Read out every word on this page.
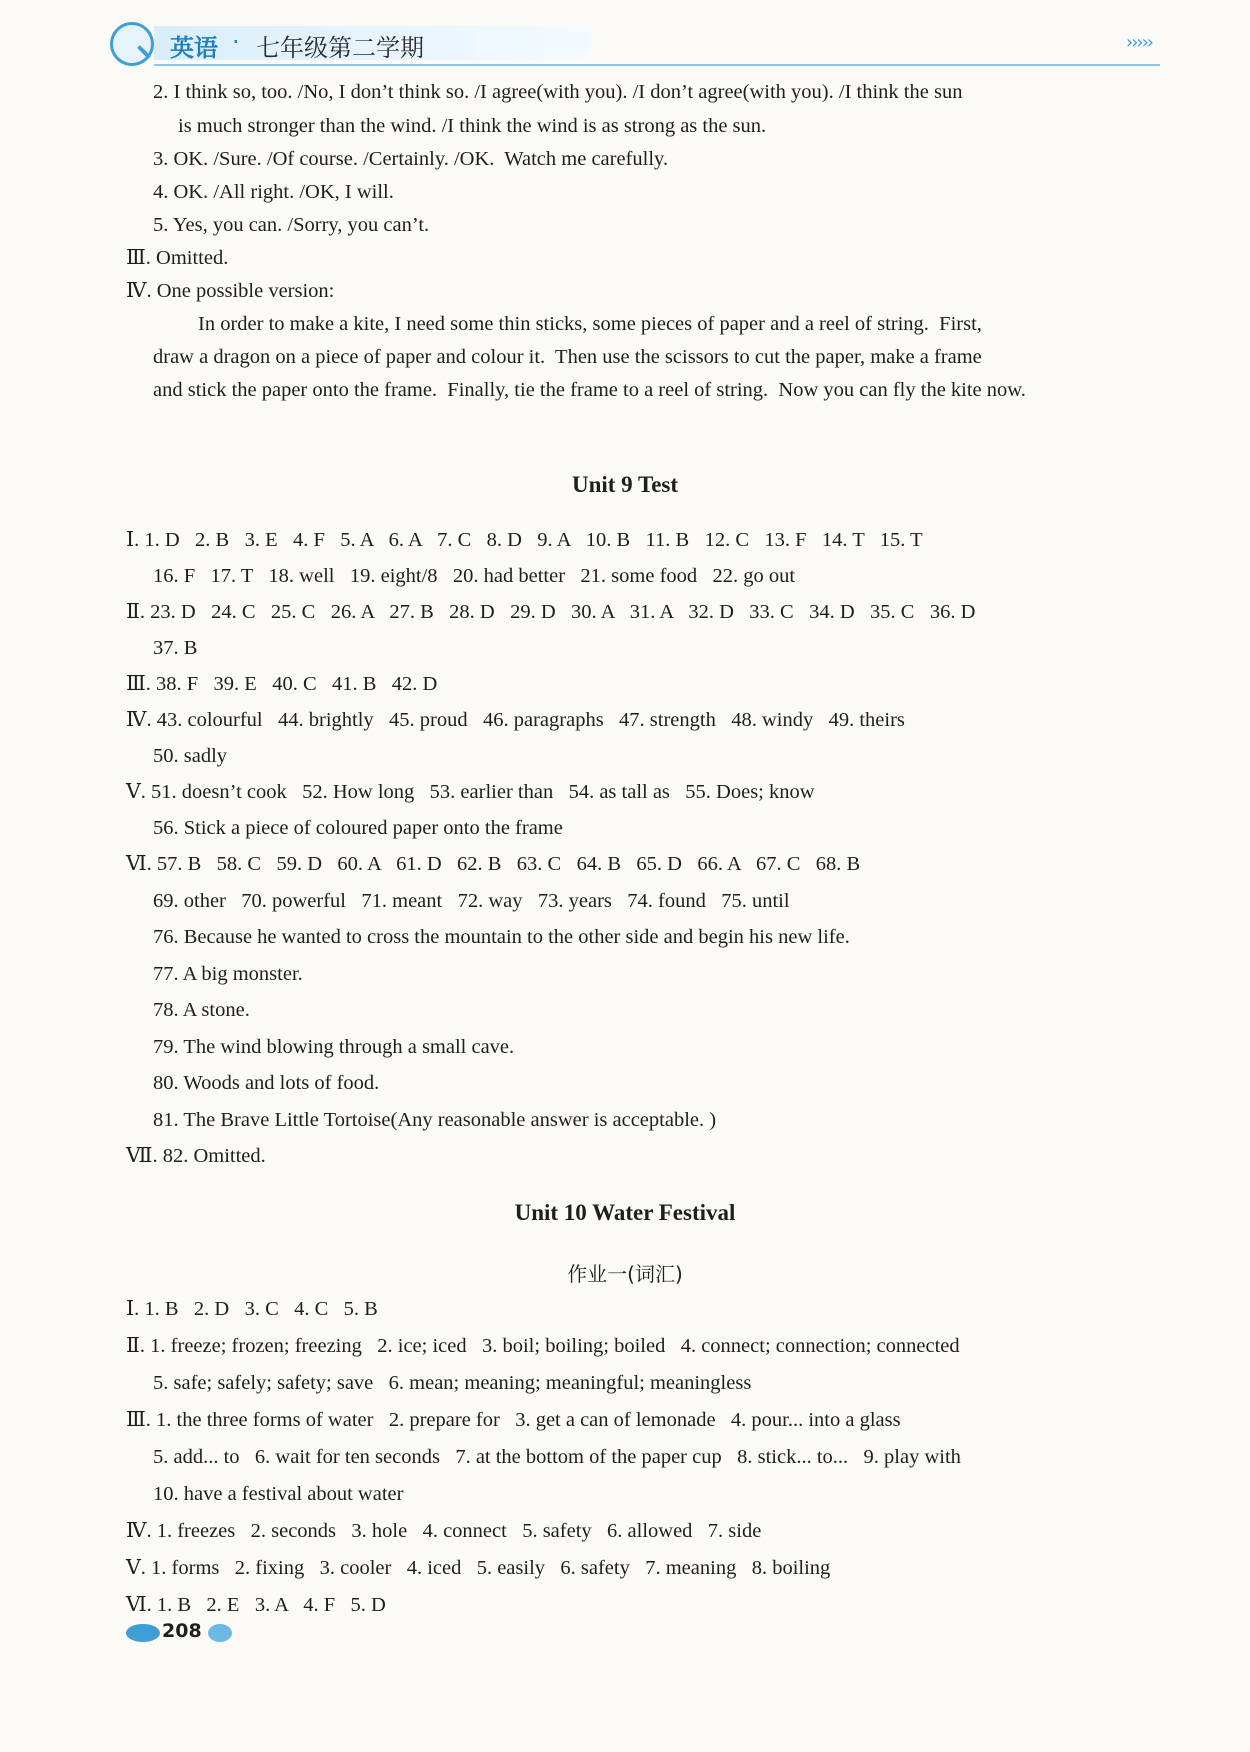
英语 · 七年级第二学期	›››››
2. I think so, too. /No, I don’t think so. /I agree(with you). /I don’t agree(with you). /I think the sun
is much stronger than the wind. /I think the wind is as strong as the sun.
3. OK. /Sure. /Of course. /Certainly. /OK.  Watch me carefully.
4. OK. /All right. /OK, I will.
5. Yes, you can. /Sorry, you can’t.
Ⅲ. Omitted.
Ⅳ. One possible version:
In order to make a kite, I need some thin sticks, some pieces of paper and a reel of string.  First,
draw a dragon on a piece of paper and colour it.  Then use the scissors to cut the paper, make a frame
and stick the paper onto the frame.  Finally, tie the frame to a reel of string.  Now you can fly the kite now.
Unit 9 Test
Ⅰ. 1. D   2. B   3. E   4. F   5. A   6. A   7. C   8. D   9. A   10. B   11. B   12. C   13. F   14. T   15. T
16. F   17. T   18. well   19. eight/8   20. had better   21. some food   22. go out
Ⅱ. 23. D   24. C   25. C   26. A   27. B   28. D   29. D   30. A   31. A   32. D   33. C   34. D   35. C   36. D
37. B
Ⅲ. 38. F   39. E   40. C   41. B   42. D
Ⅳ. 43. colourful   44. brightly   45. proud   46. paragraphs   47. strength   48. windy   49. theirs
50. sadly
Ⅴ. 51. doesn’t cook   52. How long   53. earlier than   54. as tall as   55. Does; know
56. Stick a piece of coloured paper onto the frame
Ⅵ. 57. B   58. C   59. D   60. A   61. D   62. B   63. C   64. B   65. D   66. A   67. C   68. B
69. other   70. powerful   71. meant   72. way   73. years   74. found   75. until
76. Because he wanted to cross the mountain to the other side and begin his new life.
77. A big monster.
78. A stone.
79. The wind blowing through a small cave.
80. Woods and lots of food.
81. The Brave Little Tortoise(Any reasonable answer is acceptable. )
Ⅶ. 82. Omitted.
Unit 10 Water Festival
作业一(词汇)
Ⅰ. 1. B   2. D   3. C   4. C   5. B
Ⅱ. 1. freeze; frozen; freezing   2. ice; iced   3. boil; boiling; boiled   4. connect; connection; connected
5. safe; safely; safety; save   6. mean; meaning; meaningful; meaningless
Ⅲ. 1. the three forms of water   2. prepare for   3. get a can of lemonade   4. pour... into a glass
5. add... to   6. wait for ten seconds   7. at the bottom of the paper cup   8. stick... to...   9. play with
10. have a festival about water
Ⅳ. 1. freezes   2. seconds   3. hole   4. connect   5. safety   6. allowed   7. side
Ⅴ. 1. forms   2. fixing   3. cooler   4. iced   5. easily   6. safety   7. meaning   8. boiling
Ⅵ. 1. B   2. E   3. A   4. F   5. D
208
